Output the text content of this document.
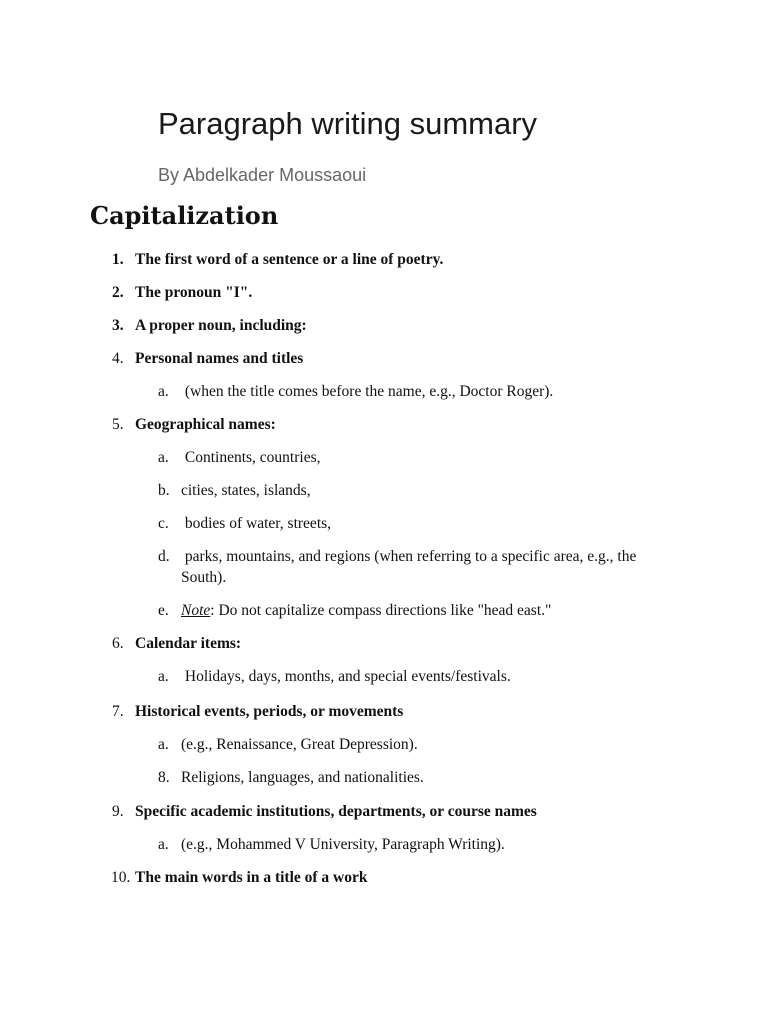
Paragraph writing summary

By Abdelkader Moussaoui

Capitalization
1. The first word of a sentence or a line of poetry.
2. The pronoun "I".
3. A proper noun, including:
4. Personal names and titles
a. (when the title comes before the name, e.g., Doctor Roger).
5. Geographical names:
a. Continents, countries,
b. cities, states, islands,
c. bodies of water, streets,
d. parks, mountains, and regions (when referring to a specific area, e.g., the South).
e. Note: Do not capitalize compass directions like "head east."
6. Calendar items:
a. Holidays, days, months, and special events/festivals.
7. Historical events, periods, or movements
a. (e.g., Renaissance, Great Depression).
8. Religions, languages, and nationalities.
9. Specific academic institutions, departments, or course names
a. (e.g., Mohammed V University, Paragraph Writing).
10. The main words in a title of a work
